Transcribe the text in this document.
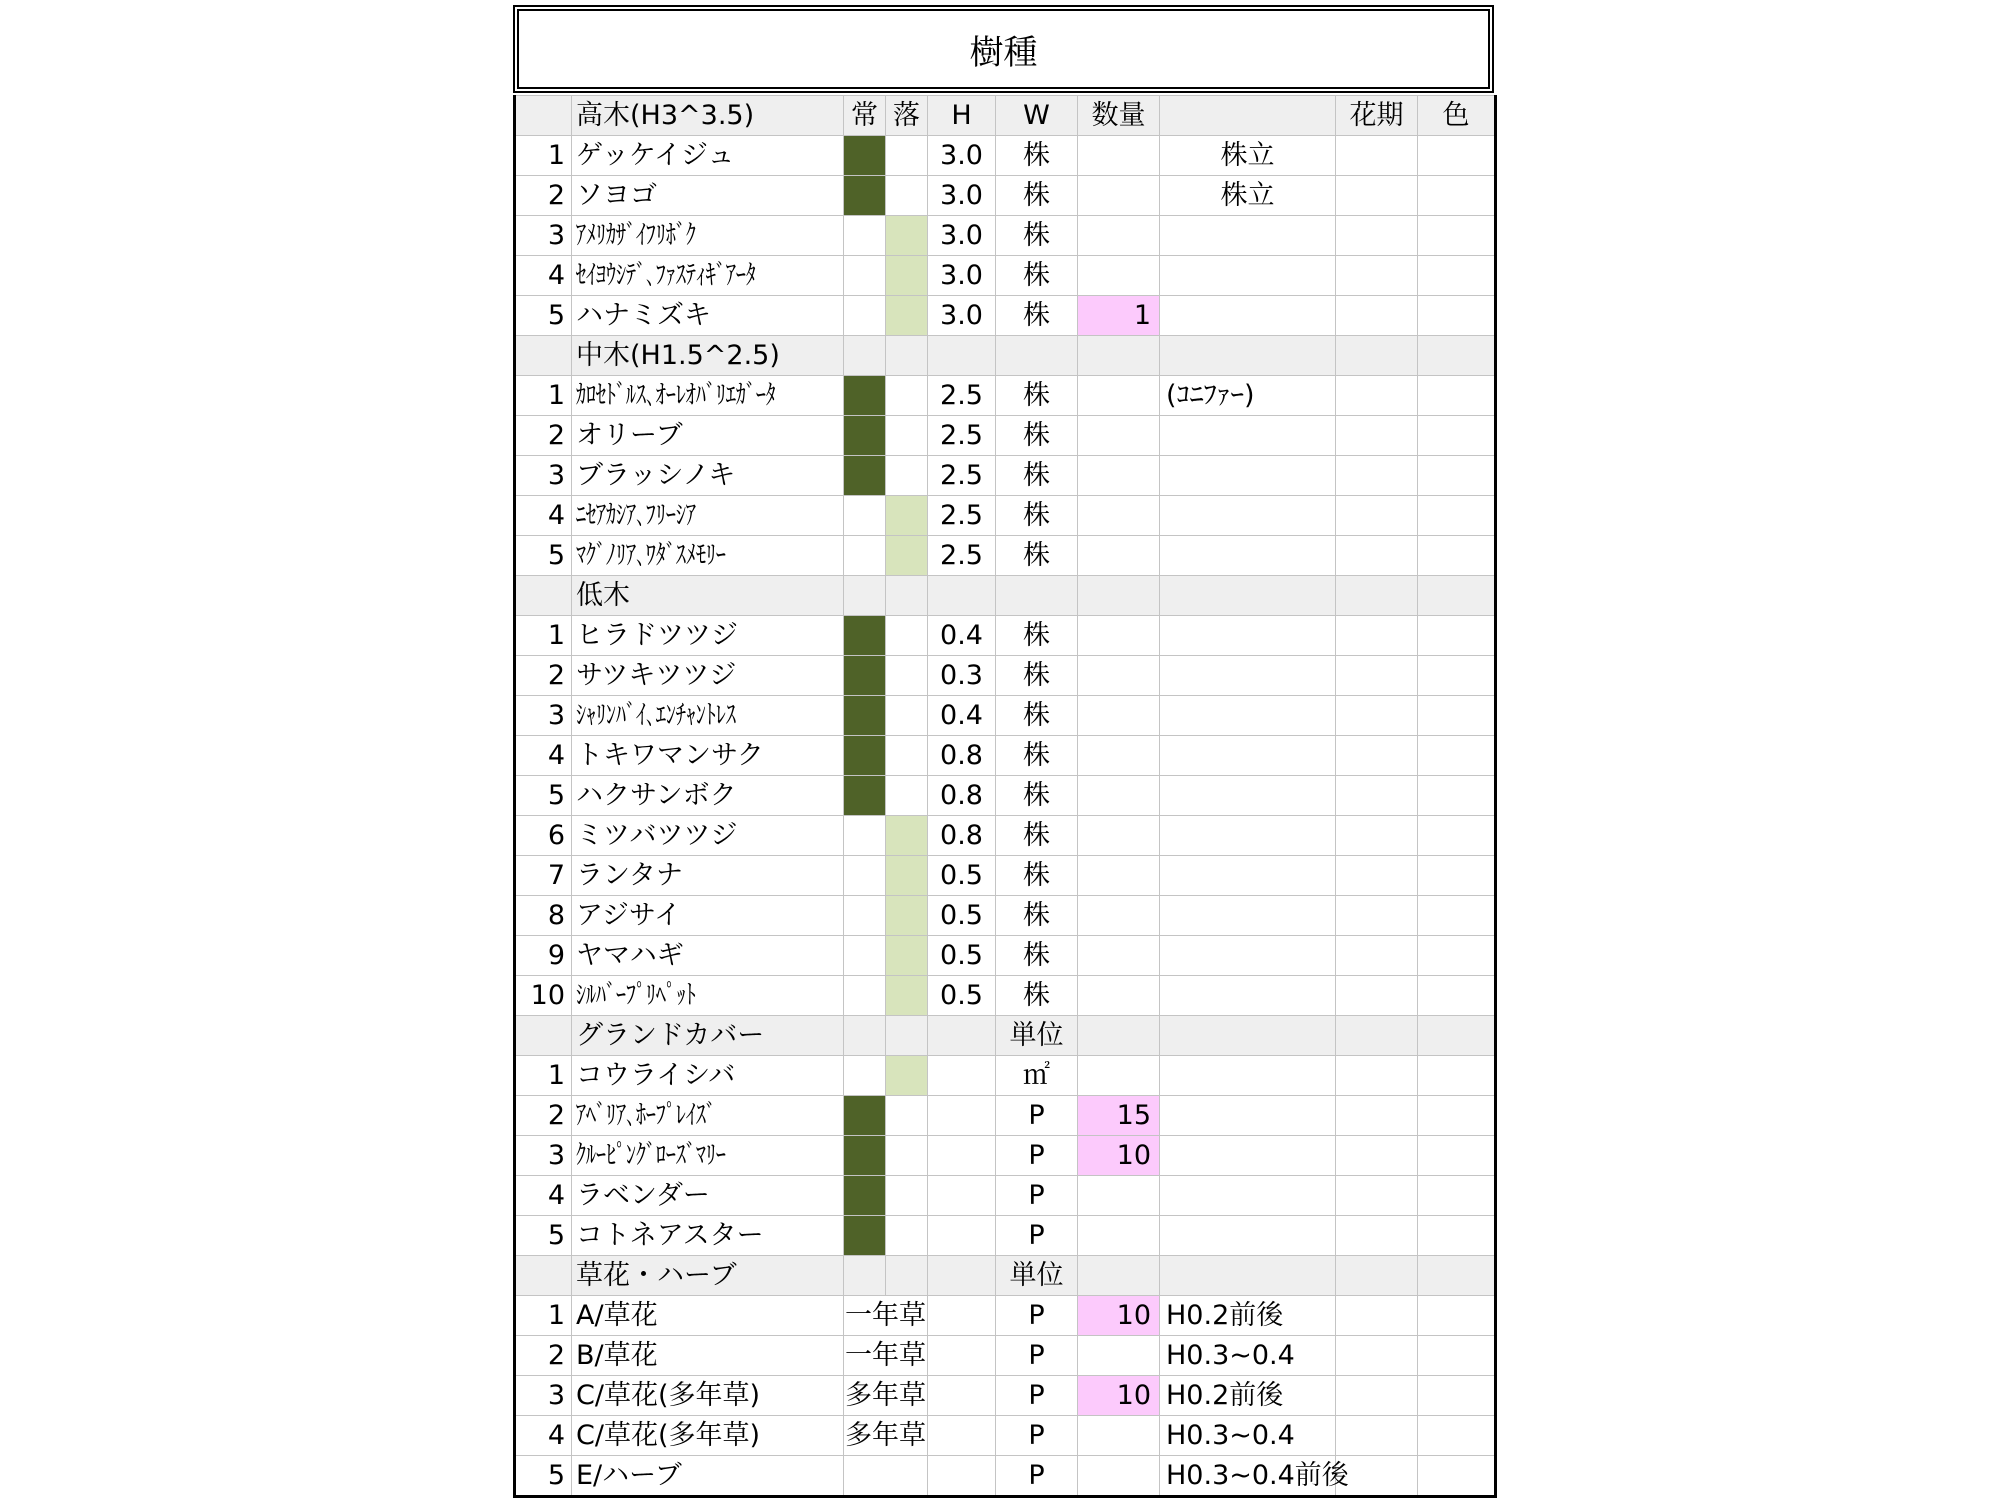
樹種
	高木(H3^3.5)	常	落	H	W	数量		花期	色
1	ゲッケイジュ			3.0	株		株立		
2	ソヨゴ			3.0	株		株立		
3	ｱﾒﾘｶｻﾞｲﾌﾘﾎﾞｸ			3.0	株				
4	ｾｲﾖｳｼﾃﾞ､ﾌｧｽﾃｨｷﾞｱｰﾀ			3.0	株				
5	ハナミズキ			3.0	株	1			
	中木(H1.5^2.5)								
1	ｶﾛｾﾄﾞﾙｽ､ｵｰﾚｵﾊﾞﾘｴｶﾞｰﾀ			2.5	株		(ｺﾆﾌｧｰ)		
2	オリーブ			2.5	株				
3	ブラッシノキ			2.5	株				
4	ﾆｾｱｶｼｱ､ﾌﾘｰｼｱ			2.5	株				
5	ﾏｸﾞﾉﾘｱ､ﾜﾀﾞｽﾒﾓﾘｰ			2.5	株				
	低木								
1	ヒラドツツジ			0.4	株				
2	サツキツツジ			0.3	株				
3	ｼｬﾘﾝﾊﾞｲ､ｴﾝﾁｬﾝﾄﾚｽ			0.4	株				
4	トキワマンサク			0.8	株				
5	ハクサンボク			0.8	株				
6	ミツバツツジ			0.8	株				
7	ランタナ			0.5	株				
8	アジサイ			0.5	株				
9	ヤマハギ			0.5	株				
10	ｼﾙﾊﾞｰﾌﾟﾘﾍﾟｯﾄ			0.5	株				
	グランドカバー				単位				
1	コウライシバ				㎡				
2	ｱﾍﾞﾘｱ､ﾎｰﾌﾟﾚｲｽﾞ				P	15			
3	ｸﾙｰﾋﾟﾝｸﾞﾛｰｽﾞﾏﾘｰ				P	10			
4	ラベンダー				P				
5	コトネアスター				P				
	草花・ハーブ				単位				
1	A/草花	一年草			P	10	H0.2前後		
2	B/草花	一年草			P		H0.3~0.4		
3	C/草花(多年草)	多年草			P	10	H0.2前後		
4	C/草花(多年草)	多年草			P		H0.3~0.4		
5	E/ハーブ				P		H0.3~0.4前後		
